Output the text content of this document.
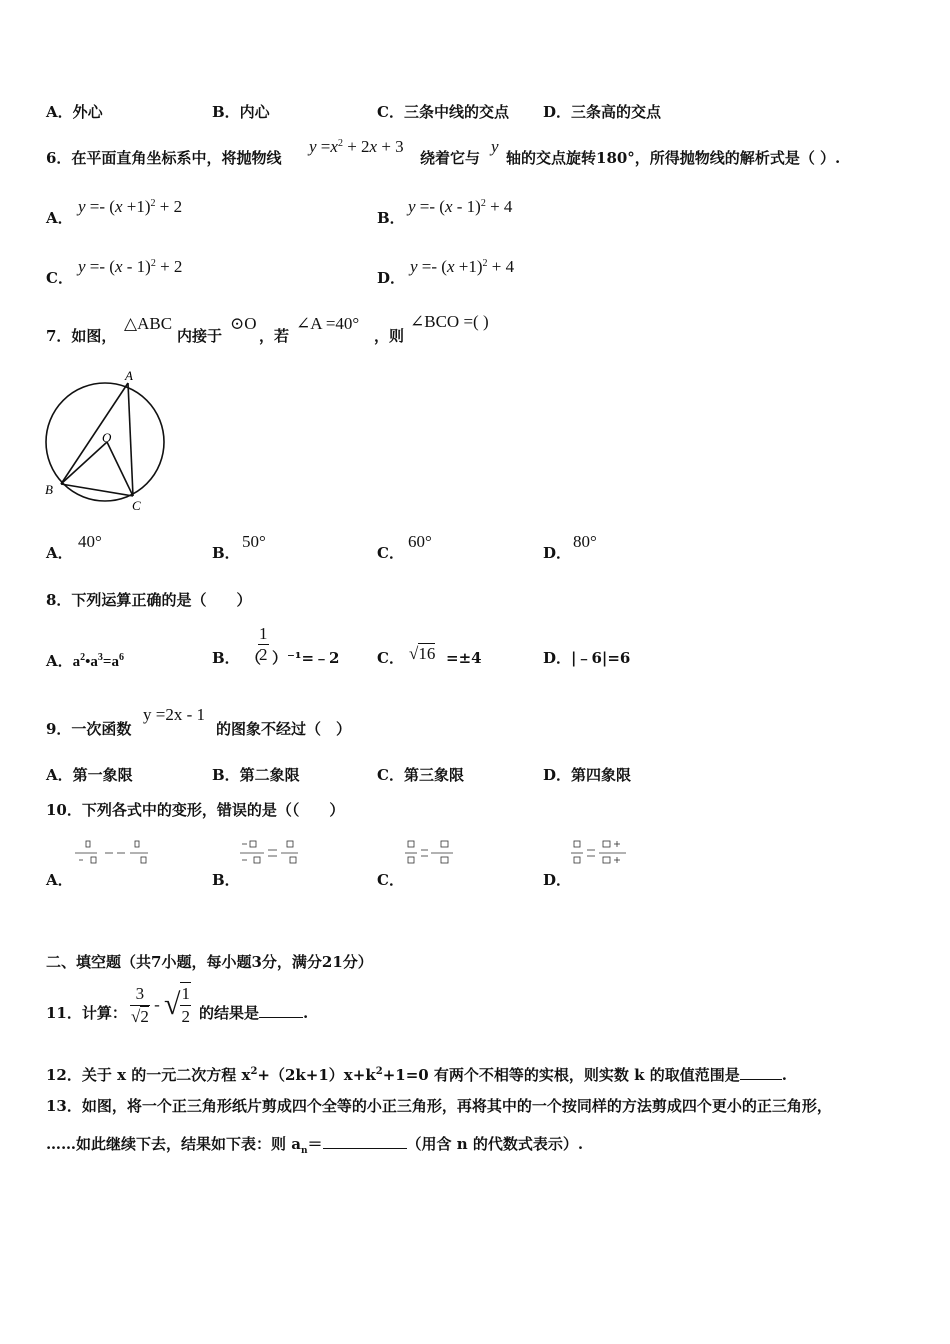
A．外心	B．内心	C．三条中线的交点 D．三条高的交点
6．在平面直角坐标系中，将抛物线
$y =x^2 + 2x + 3$
绕着它与
y
轴的交点旋转180°，所得抛物线的解析式是（ ）.
A．
$y =- (x +1)^2 + 2$
B．
y =- (x - 1)$^2$ + 4
C．
y =- (x - 1)$^2$ + 2
D．
$y =- (x +1)^2 + 4$
7．如图，
△ABC
内接于
⊙O
，若
∠A =40°
，则
∠BCO =( )
A
O
B
C
A．
40°
B．
50°
C．
60°
D．
80°
8．下列运算正确的是（　　）
A．$a^2•a^3=a^6$	B． （
$\frac{1}{2}$ ）⁻¹=﹣2	C． √16 =±4	D． |﹣6|=6
9．一次函数
y =2x - 1
的图象不经过（　）
A．第一象限	B．第二象限	C．第三象限	D．第四象限
10．下列各式中的变形，错误的是（（　　）
A．	B．	C．	D．
二、填空题（共7小题，每小题3分，满分21分）
11．计算： $\frac{3}{√2}$ - √ $\frac{1}{2}$ 的结果是	.
12．关于 x 的一元二次方程 $x^2+(2k+1)x+k^2+1=0$ 有两个不相等的实根，则实数 k 的取值范围是	.
13．如图，将一个正三角形纸片剪成四个全等的小正三角形，再将其中的一个按同样的方法剪成四个更小的正三角形，
……如此继续下去，结果如下表：则 $a_n=$	（用含 n 的代数式表示）.
